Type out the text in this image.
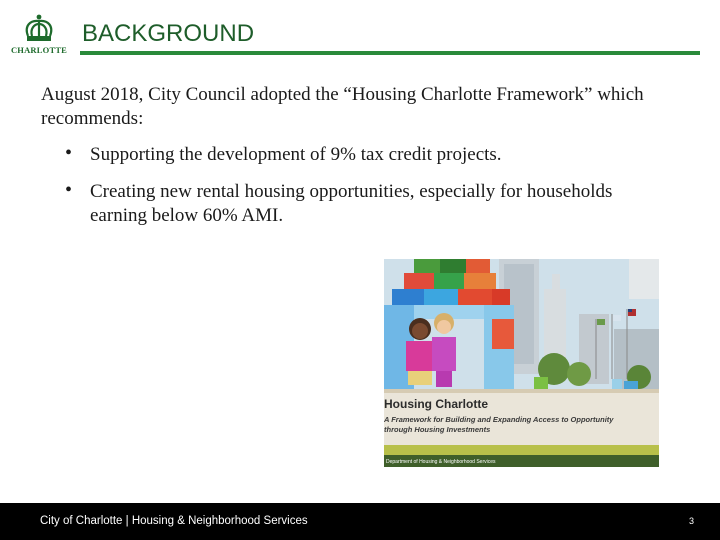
CHARLOTTE
BACKGROUND
August 2018, City Council adopted the “Housing Charlotte Framework” which recommends:
• Supporting the development of 9% tax credit projects.
• Creating new rental housing opportunities, especially for households earning below 60% AMI.
Housing Charlotte
A Framework for Building and Expanding Access to Opportunity
through Housing Investments
Department of Housing & Neighborhood Services
City of Charlotte | Housing & Neighborhood Services	3
